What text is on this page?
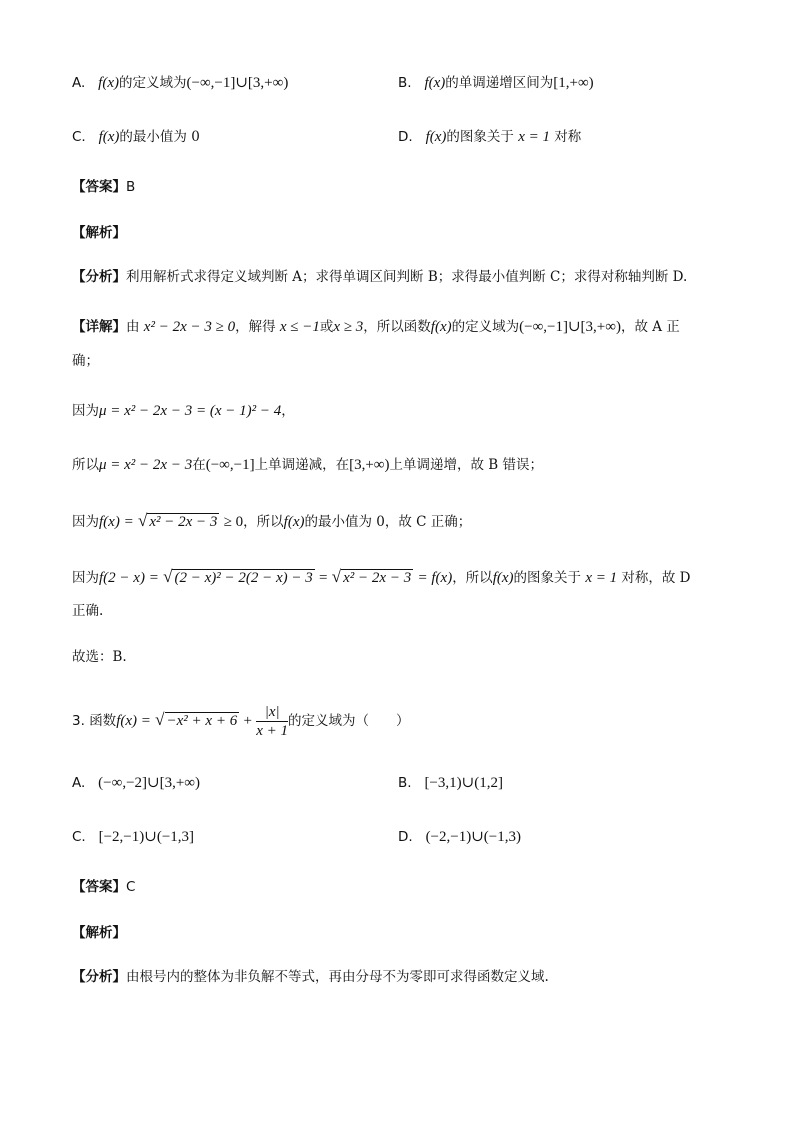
A. f(x)的定义域为(−∞,−1]∪[3,+∞)	B. f(x)的单调递增区间为[1,+∞)
C. f(x)的最小值为 0	D. f(x)的图象关于 x = 1 对称
【答案】B
【解析】
【分析】利用解析式求得定义域判断 A；求得单调区间判断 B；求得最小值判断 C；求得对称轴判断 D.
【详解】由 x² − 2x − 3 ≥ 0，解得 x ≤ −1或x ≥ 3，所以函数f(x)的定义域为(−∞,−1]∪[3,+∞)，故 A 正
确；
因为μ = x² − 2x − 3 = (x − 1)² − 4，
所以μ = x² − 2x − 3在(−∞,−1]上单调递减，在[3,+∞)上单调递增，故 B 错误；
因为f(x) = √ x² − 2x − 3 ≥ 0，所以f(x)的最小值为 0，故 C 正确；
因为f(2 − x) = √ (2 − x)² − 2(2 − x) − 3 = √ x² − 2x − 3 = f(x)，所以f(x)的图象关于 x = 1 对称，故 D
正确.
故选：B.
3. 函数f(x) = √ $-x^2 + x + 6 + \frac{|x|}{x + 1}$ 的定义域为（　　）
A. (−∞,−2]∪[3,+∞)	B. [−3,1)∪(1,2]
C. [−2,−1)∪(−1,3]	D. (−2,−1)∪(−1,3)
【答案】C
【解析】
【分析】由根号内的整体为非负解不等式，再由分母不为零即可求得函数定义域.
